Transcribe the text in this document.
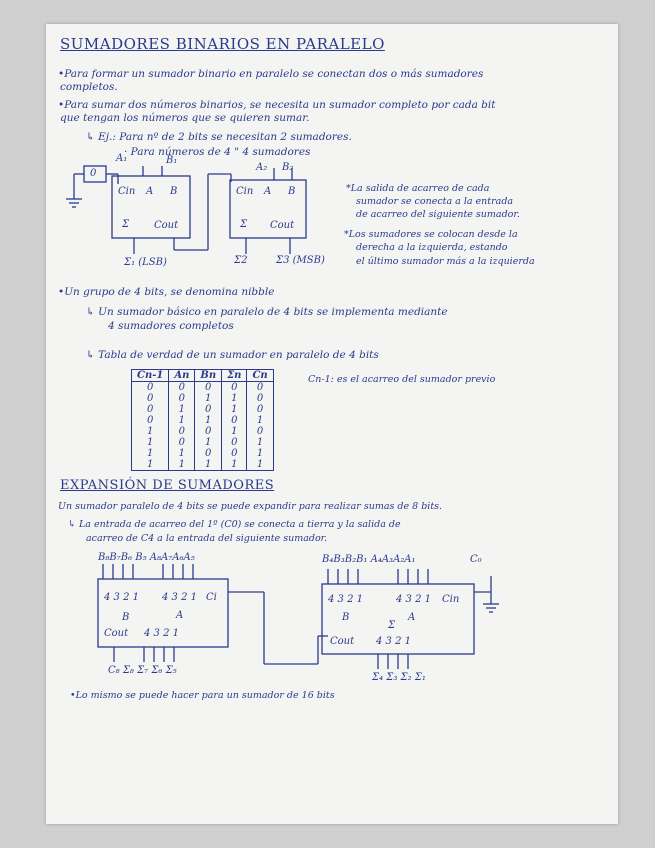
SUMADORES BINARIOS EN PARALELO
•Para formar un sumador binario en paralelo se conectan dos o más sumadores
completos.
•Para sumar dos números binarios, se necesita un sumador completo por cada bit
que tengan los números que se quieren sumar.
↳ Ej.: Para nº de 2 bits se necesitan 2 sumadores.
· Para números de 4 " 4 sumadores
A₁	B₁
0
Cin A B
Σ Cout
A₂ B₂
Cin A B
Σ Cout
Σ₁ (LSB)	Σ2	Σ3 (MSB)
*La salida de acarreo de cada
sumador se conecta a la entrada
de acarreo del siguiente sumador.
*Los sumadores se colocan desde la
derecha a la izquierda, estando
el último sumador más a la izquierda
•Un grupo de 4 bits, se denomina nibble
↳ Un sumador básico en paralelo de 4 bits se implementa mediante
4 sumadores completos
↳ Tabla de verdad de un sumador en paralelo de 4 bits
Cn-1	An	Bn	Σn	Cn
0	0	0	0	0
0	0	1	1	0
0	1	0	1	0
0	1	1	0	1
1	0	0	1	0
1	0	1	0	1
1	1	0	0	1
1	1	1	1	1
Cn-1: es el acarreo del sumador previo
EXPANSIÓN DE SUMADORES
Un sumador paralelo de 4 bits se puede expandir para realizar sumas de 8 bits.
↳ La entrada de acarreo del 1º (C0) se conecta a tierra y la salida de
acarreo de C4 a la entrada del siguiente sumador.
B₈B₇B₆ B₅ A₈A₇A₆A₅	B₄B₃B₂B₁ A₄A₃A₂A₁	C₀
4 3 2 1 4 3 2 1 Ci
B	A
Cout 4 3 2 1
4 3 2 1	4 3 2 1 Cin
B	A
Σ
Cout 4 3 2 1
C₈ Σ₈ Σ₇ Σ₆ Σ₅
Σ₄ Σ₃ Σ₂ Σ₁
•Lo mismo se puede hacer para un sumador de 16 bits
